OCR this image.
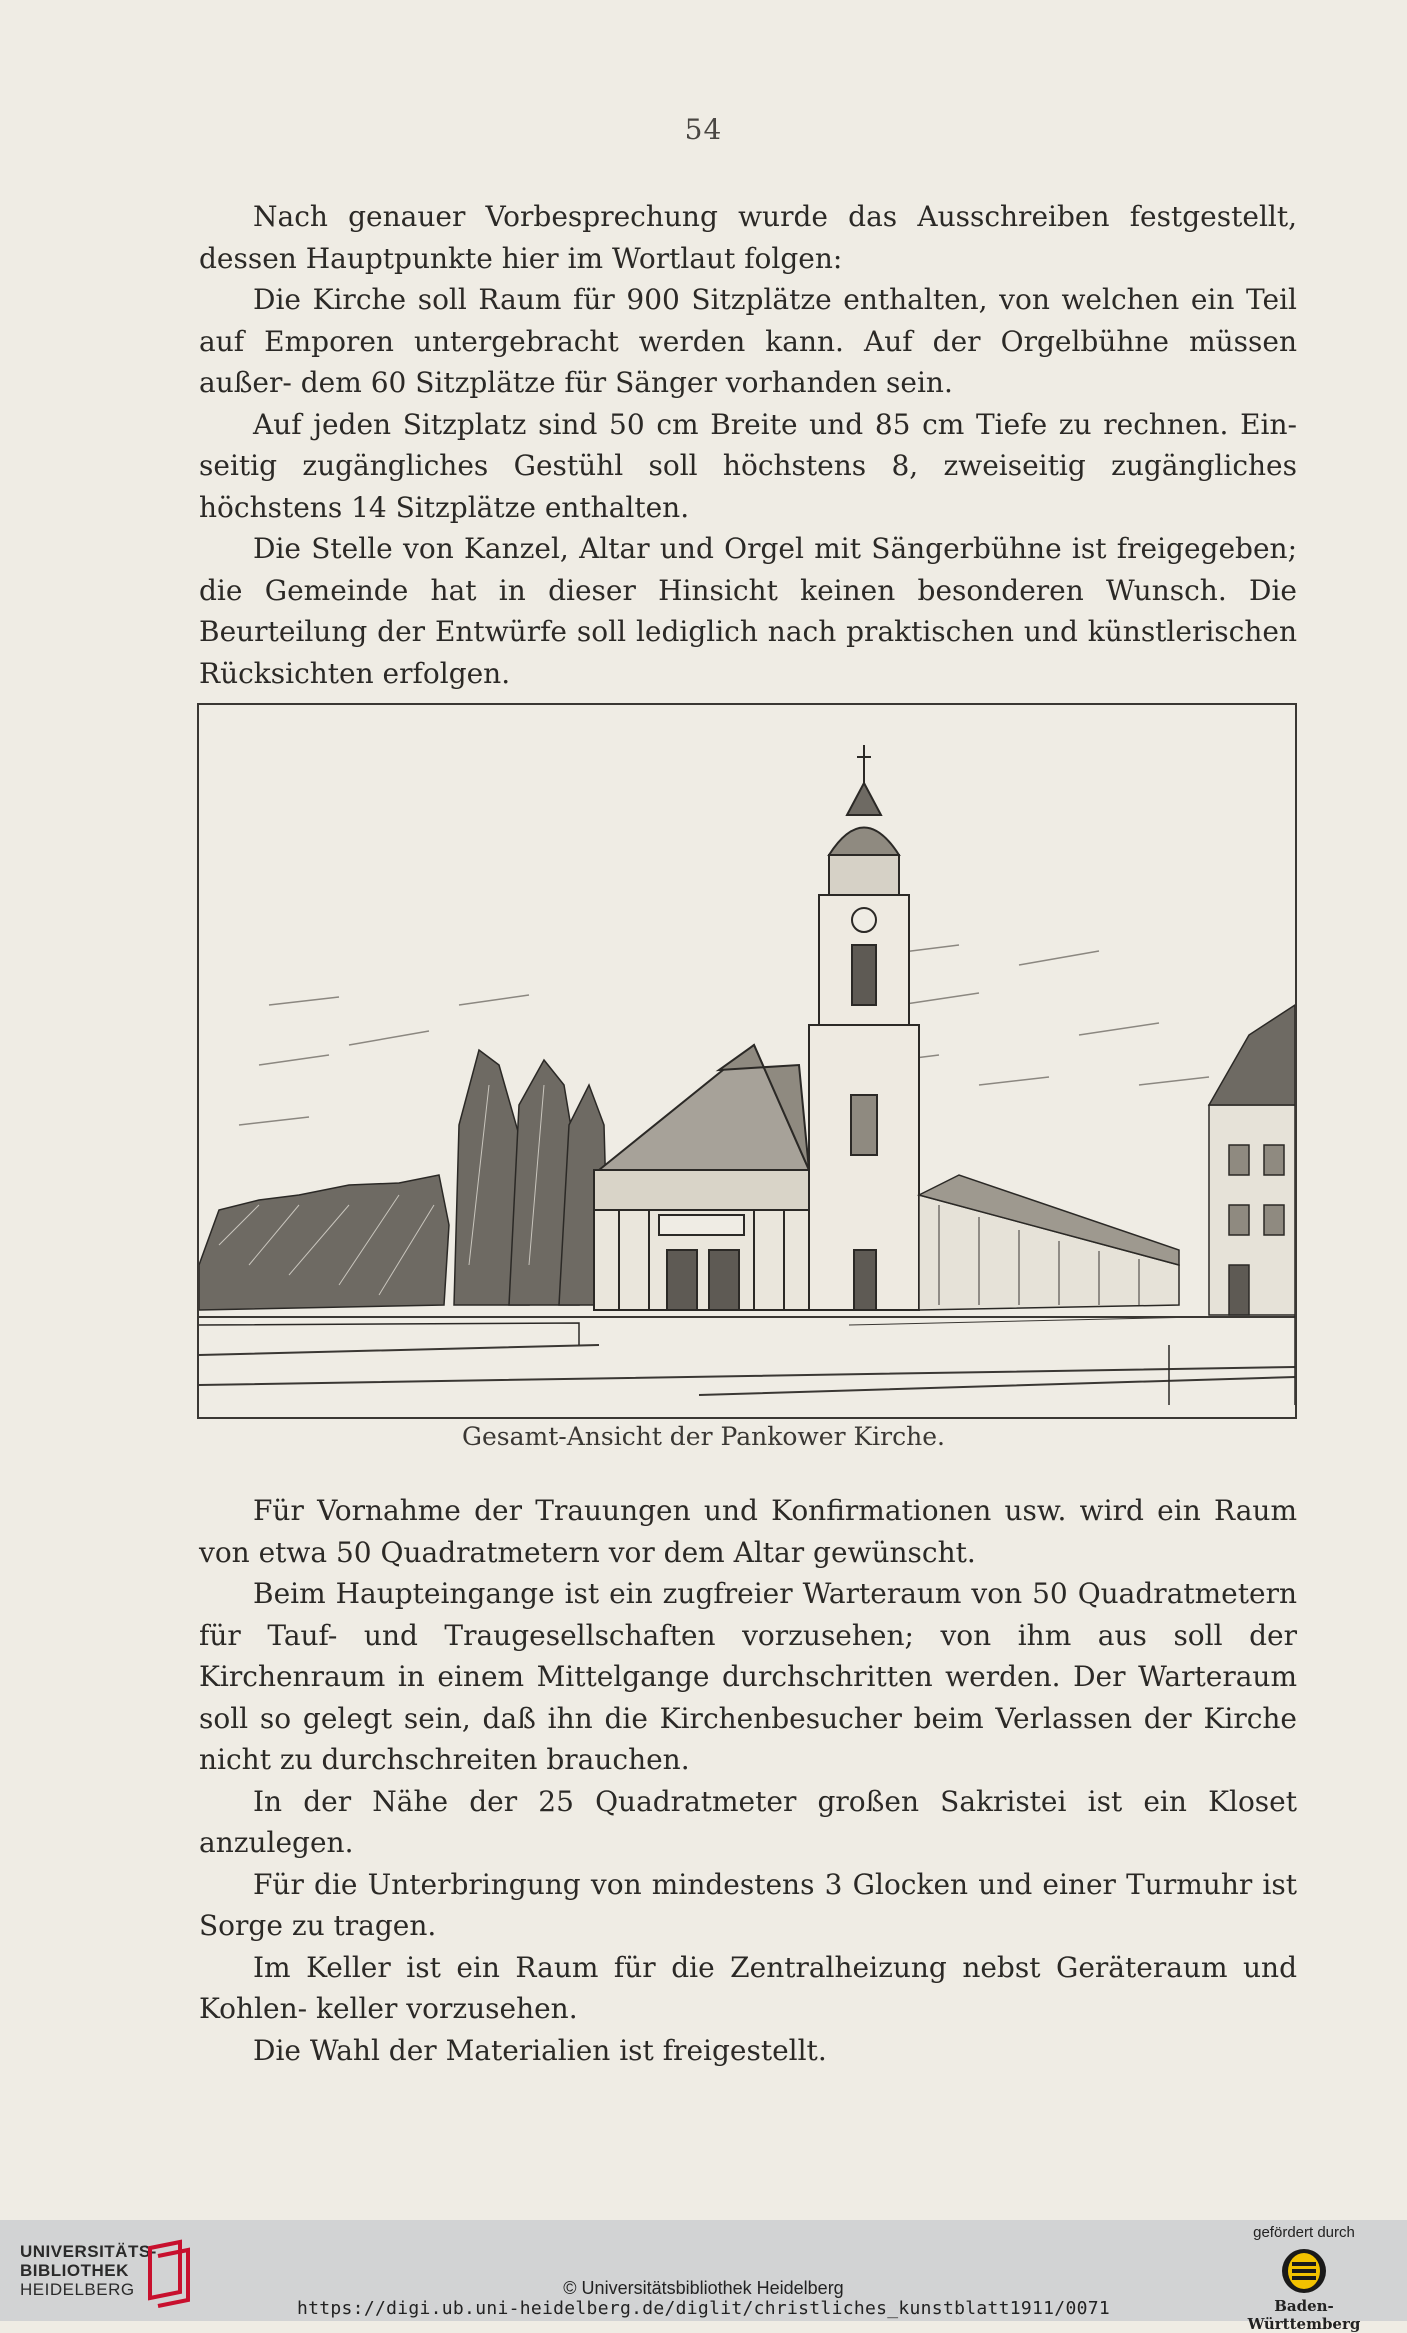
54

Nach genauer Vorbesprechung wurde das Ausschreiben festgestellt, dessen Hauptpunkte hier im Wortlaut folgen:

Die Kirche soll Raum für 900 Sitzplätze enthalten, von welchen ein Teil auf Emporen untergebracht werden kann. Auf der Orgelbühne müssen außer- dem 60 Sitzplätze für Sänger vorhanden sein.

Auf jeden Sitzplatz sind 50 cm Breite und 85 cm Tiefe zu rechnen. Ein- seitig zugängliches Gestühl soll höchstens 8, zweiseitig zugängliches höchstens 14 Sitzplätze enthalten.

Die Stelle von Kanzel, Altar und Orgel mit Sängerbühne ist freigegeben; die Gemeinde hat in dieser Hinsicht keinen besonderen Wunsch. Die Beurteilung der Entwürfe soll lediglich nach praktischen und künstlerischen Rücksichten erfolgen.

Gesamt-Ansicht der Pankower Kirche.

Für Vornahme der Trauungen und Konfirmationen usw. wird ein Raum von etwa 50 Quadratmetern vor dem Altar gewünscht.

Beim Haupteingange ist ein zugfreier Warteraum von 50 Quadratmetern für Tauf- und Traugesellschaften vorzusehen; von ihm aus soll der Kirchenraum in einem Mittelgange durchschritten werden. Der Warteraum soll so gelegt sein, daß ihn die Kirchenbesucher beim Verlassen der Kirche nicht zu durchschreiten brauchen.

In der Nähe der 25 Quadratmeter großen Sakristei ist ein Kloset anzulegen.

Für die Unterbringung von mindestens 3 Glocken und einer Turmuhr ist Sorge zu tragen.

Im Keller ist ein Raum für die Zentralheizung nebst Geräteraum und Kohlen- keller vorzusehen.

Die Wahl der Materialien ist freigestellt.

UNIVERSITÄTS-
BIBLIOTHEK
HEIDELBERG	© Universitätsbibliothek Heidelberg
https://digi.ub.uni-heidelberg.de/diglit/christliches_kunstblatt1911/0071
gefördert durch
Baden-Württemberg
